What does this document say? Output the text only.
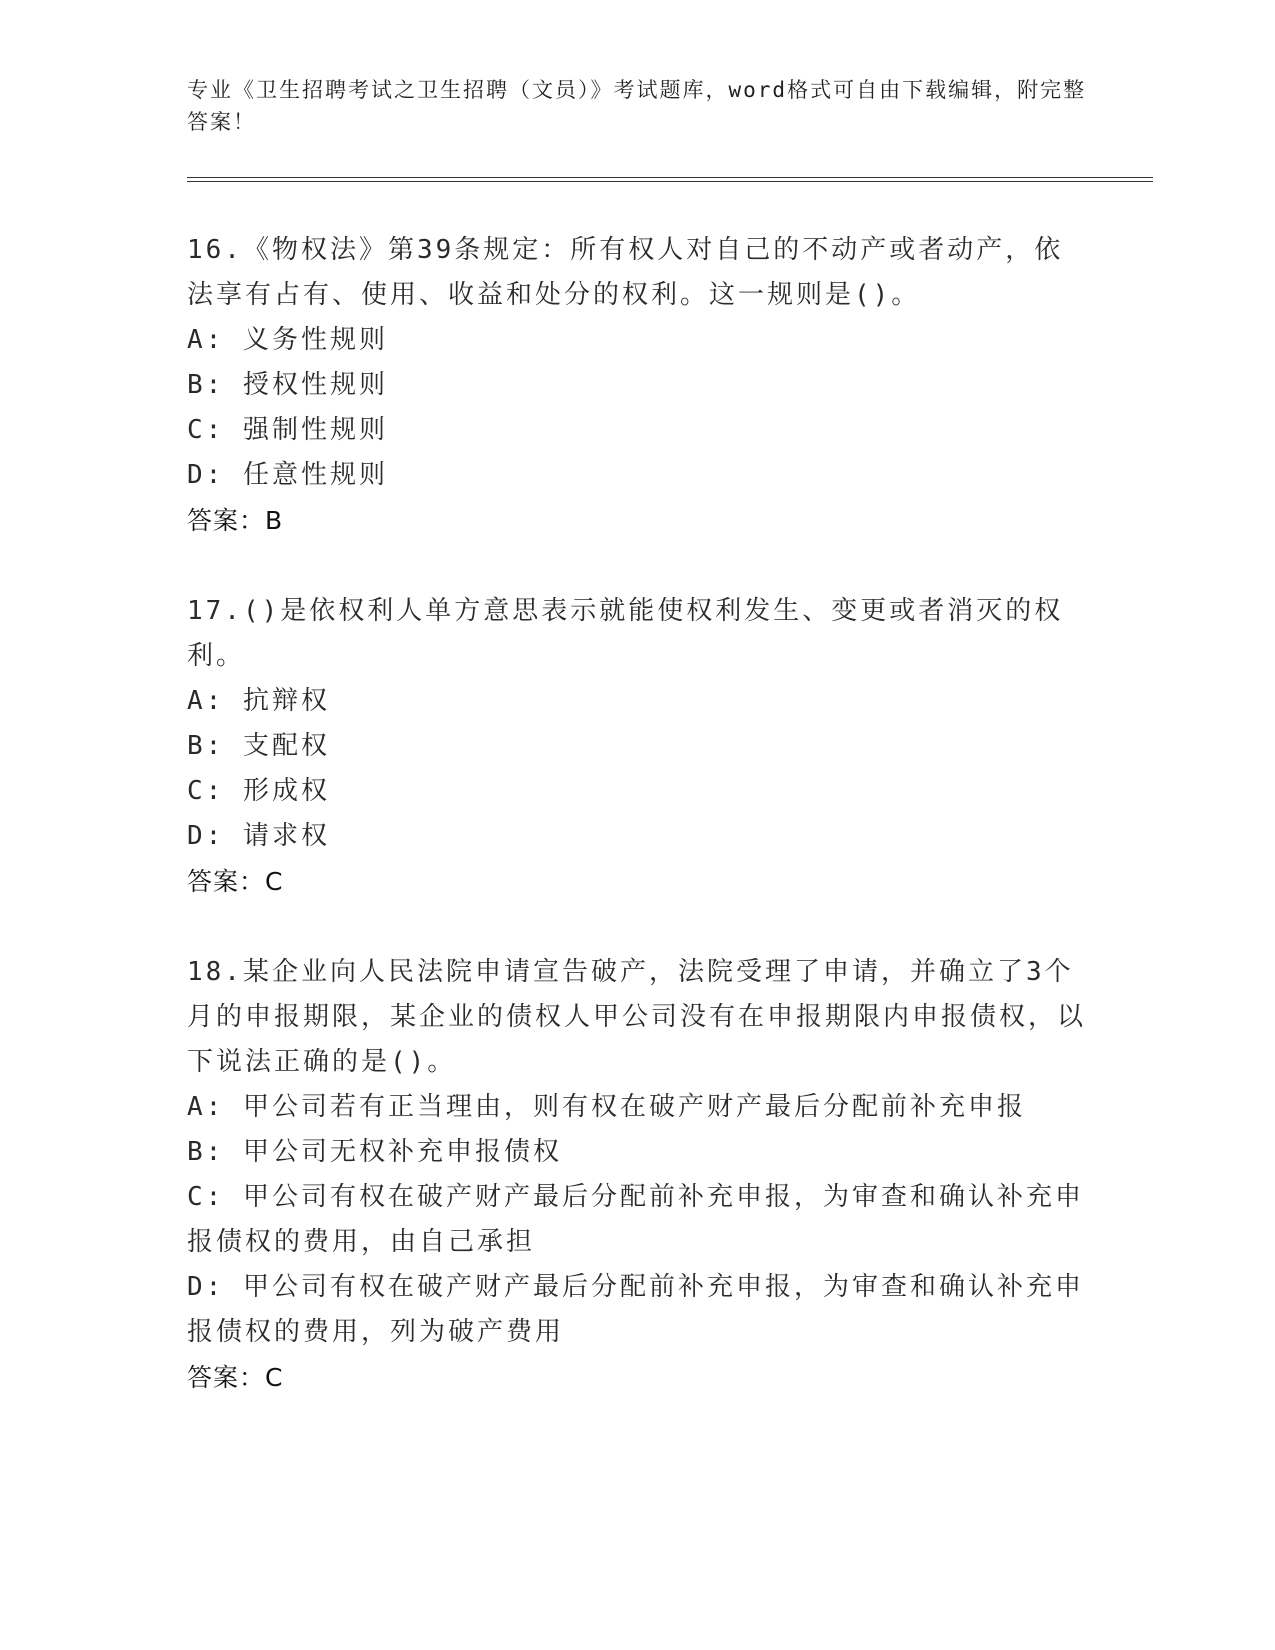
专业《卫生招聘考试之卫生招聘（文员）》考试题库，word格式可自由下载编辑，附完整答案！
16.《物权法》第39条规定：所有权人对自己的不动产或者动产，依法享有占有、使用、收益和处分的权利。这一规则是()。
A: 义务性规则
B: 授权性规则
C: 强制性规则
D: 任意性规则
答案：B
17.()是依权利人单方意思表示就能使权利发生、变更或者消灭的权利。
A: 抗辩权
B: 支配权
C: 形成权
D: 请求权
答案：C
18.某企业向人民法院申请宣告破产，法院受理了申请，并确立了3个月的申报期限，某企业的债权人甲公司没有在申报期限内申报债权，以下说法正确的是()。
A: 甲公司若有正当理由，则有权在破产财产最后分配前补充申报
B: 甲公司无权补充申报债权
C: 甲公司有权在破产财产最后分配前补充申报，为审查和确认补充申报债权的费用，由自己承担
D: 甲公司有权在破产财产最后分配前补充申报，为审查和确认补充申报债权的费用，列为破产费用
答案：C
